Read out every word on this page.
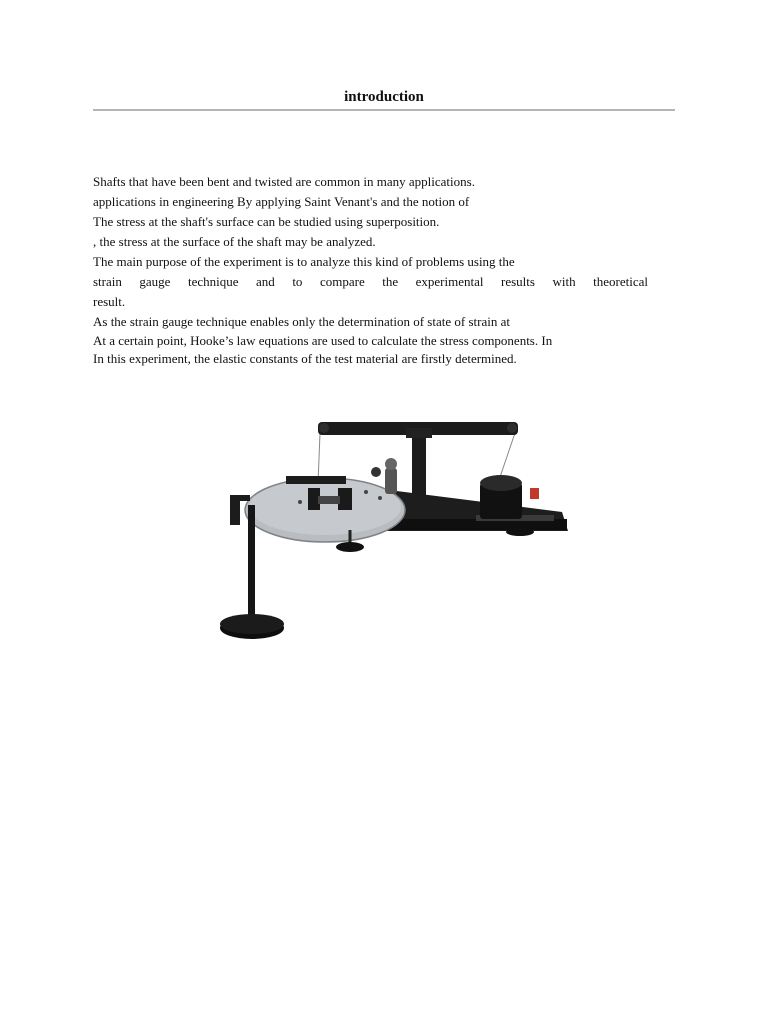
introduction
Shafts that have been bent and twisted are common in many applications.
applications in engineering By applying Saint Venant's and the notion of
The stress at the shaft's surface can be studied using superposition.
, the stress at the surface of the shaft may be analyzed.
The main purpose of the experiment is to analyze this kind of problems using the
strain gauge technique and to compare the experimental results with theoretical
result.
As the strain gauge technique enables only the determination of state of strain at
At a certain point, Hooke’s law equations are used to calculate the stress components. In
In this experiment, the elastic constants of the test material are firstly determined.
